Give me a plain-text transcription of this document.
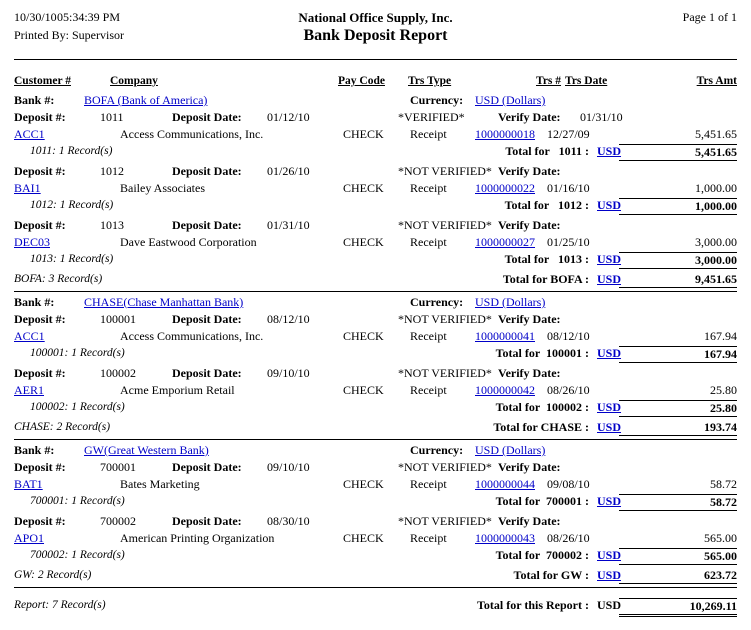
10/30/10 05:34:39 PM	National Office Supply, Inc.	Page 1 of 1
Printed By: Supervisor	Bank Deposit Report
Customer #	Company	Pay Code Trs Type	Trs # Trs Date	Trs Amt
Bank #: BOFA (Bank of America)	Currency: USD (Dollars)
Deposit #:	1011	Deposit Date: 01/12/10	*VERIFIED*	Verify Date: 01/31/10
ACC1	Access Communications, Inc.	CHECK Receipt 1000000018 12/27/09	5,451.65
1011: 1 Record(s)	Total for   1011 : USD	5,451.65
Deposit #:	1012	Deposit Date: 01/26/10	*NOT VERIFIED* Verify Date:
BAI1	Bailey Associates	CHECK Receipt 1000000022 01/16/10	1,000.00
1012: 1 Record(s)	Total for   1012 : USD	1,000.00
Deposit #:	1013	Deposit Date: 01/31/10	*NOT VERIFIED* Verify Date:
DEC03	Dave Eastwood Corporation	CHECK Receipt 1000000027 01/25/10	3,000.00
1013: 1 Record(s)	Total for   1013 : USD	3,000.00
BOFA: 3 Record(s)	Total for BOFA : USD	9,451.65
Bank #: CHASE(Chase Manhattan Bank)	Currency: USD (Dollars)
Deposit #:	100001	Deposit Date: 08/12/10	*NOT VERIFIED* Verify Date:
ACC1	Access Communications, Inc.	CHECK Receipt 1000000041 08/12/10	167.94
100001: 1 Record(s)	Total for  100001 : USD	167.94
Deposit #:	100002	Deposit Date: 09/10/10	*NOT VERIFIED* Verify Date:
AER1	Acme Emporium Retail	CHECK Receipt 1000000042 08/26/10	25.80
100002: 1 Record(s)	Total for  100002 : USD	25.80
CHASE: 2 Record(s)	Total for CHASE : USD	193.74
Bank #: GW(Great Western Bank)	Currency: USD (Dollars)
Deposit #:	700001	Deposit Date: 09/10/10	*NOT VERIFIED* Verify Date:
BAT1	Bates Marketing	CHECK Receipt 1000000044 09/08/10	58.72
700001: 1 Record(s)	Total for  700001 : USD	58.72
Deposit #:	700002	Deposit Date: 08/30/10	*NOT VERIFIED* Verify Date:
APO1	American Printing Organization	CHECK Receipt 1000000043 08/26/10	565.00
700002: 1 Record(s)	Total for  700002 : USD	565.00
GW: 2 Record(s)	Total for GW : USD	623.72
Report: 7 Record(s)	Total for this Report : USD	10,269.11
